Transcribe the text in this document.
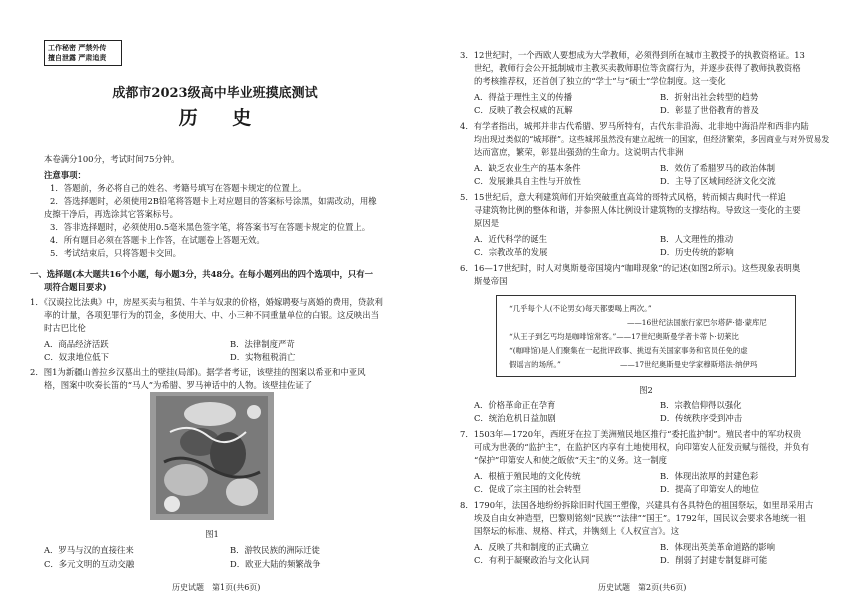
工作秘密 严禁外传
擅自泄露 严肃追责
成都市2023级高中毕业班摸底测试
历 史
本卷满分100分，考试时间75分钟。
注意事项：
1．答题前，务必将自己的姓名、考籍号填写在答题卡规定的位置上。
2．答选择题时，必须使用2B铅笔将答题卡上对应题目的答案标号涂黑，如需改动，用橡
皮擦干净后，再选涂其它答案标号。
3．答非选择题时，必须使用0.5毫米黑色签字笔，将答案书写在答题卡规定的位置上。
4．所有题目必须在答题卡上作答，在试题卷上答题无效。
5．考试结束后，只将答题卡交回。
一、选择题(本大题共16个小题，每小题3分，共48分。在每小题列出的四个选项中，只有一
项符合题目要求)
1．《汉谟拉比法典》中，房屋买卖与租赁、牛羊与奴隶的价格，婚嫁聘娶与离婚的费用，贷款利
率的计量，各项犯罪行为的罚金，多使用大、中、小三种不同重量单位的白银。这反映出当
时古巴比伦
A．商品经济活跃	B．法律制度严苛
C．奴隶地位低下	D．实物租税消亡
2．图1为新疆山普拉乡汉墓出土的壁挂(局部)。据学者考证，该壁挂的图案以希亚和中亚风
格，图案中吹奏长笛的“马人”为希腊、罗马神话中的人物。该壁挂佐证了
图1
A．罗马与汉的直接往来	B．游牧民族的洲际迁徙
C．多元文明的互动交融	D．欧亚大陆的频繁战争
历史试题　第1页(共6页)
3．12世纪时，一个西欧人要想成为大学教师，必须得到所在城市主教授予的执教资格证。13
世纪，教师行会公开抵制城市主教买卖教师职位等贪腐行为，并逐步获得了教师执教资格
的考核推荐权，还首创了独立的“学士”与“硕士”学位制度。这一变化
A．得益于理性主义的传播	B．折射出社会转型的趋势
C．反映了教会权威的瓦解	D．彰显了世俗教育的普及
4．有学者指出，城邦并非古代希腊、罗马所特有，古代东非沿海、北非地中海沿岸和西非内陆
均出现过类似的“城邦群”。这些城邦虽然没有建立起统一的国家，但经济繁荣，多因商业与对外贸易发
达而富庶，繁荣，彰显出强劲的生命力。这说明古代非洲
A．缺乏农业生产的基本条件	B．效仿了希腊罗马的政治体制
C．发展兼具自主性与开放性	D．主导了区域间经济文化交流
5．15世纪后，意大利建筑师们开始突破重直高耸的哥特式风格，转而倾古典时代一样追
寻建筑物比例的整体和谐，并参照人体比例设计建筑物的支撑结构。导致这一变化的主要
原因是
A．近代科学的诞生	B．人文理性的推动
C．宗教改革的发展	D．历史传统的影响
6．16—17世纪时，时人对奥斯曼帝国境内“咖啡现象”的记述(如图2所示)。这些现象表明奥
斯曼帝国
“几乎每个人(不论男女)每天都要喝上两次。”
——16世纪法国旅行家巴尔塔萨·德·蒙库尼
“从王子到乞丐均是咖啡馆常客。”——17世纪奥斯曼学者卡蒂卜·切莱比
“(咖啡馆)是人们聚集在一起批评政事、挑逗有关国家事务和官员任免的虚
假谣言的场所。”　　　　　　　　——17世纪奥斯曼史学家穆斯塔法·纳伊玛
图2
A．价格革命正在孕育	B．宗教信仰得以强化
C．统治危机日益加剧	D．传统秩序受到冲击
7．1503年—1720年，西班牙在拉丁美洲殖民地区推行“委托监护制”。殖民者中的军功权贵
可成为世袭的“监护主”，在监护区内享有土地使用权，向印第安人征发贡赋与徭役，并负有
“保护”印第安人和使之皈依“天主”的义务。这一制度
A．根植于殖民地的文化传统	B．体现出浓厚的封建色彩
C．促成了宗主国的社会转型	D．提高了印第安人的地位
8．1790年，法国各地纷纷拆除旧时代国王塑像，兴建具有各具特色的祖国祭坛，如里昂采用古
埃及自由女神造型，巴黎则铭刻“民族”“法律”“国王”。1792年，国民议会要求各地统一祖
国祭坛的标准、规格、样式，并镌刻上《人权宣言》。这
A．反映了共和制度的正式确立	B．体现出英美革命道路的影响
C．有利于凝聚政治与文化认同	D．削弱了封建专制复辟可能
历史试题　第2页(共6页)
